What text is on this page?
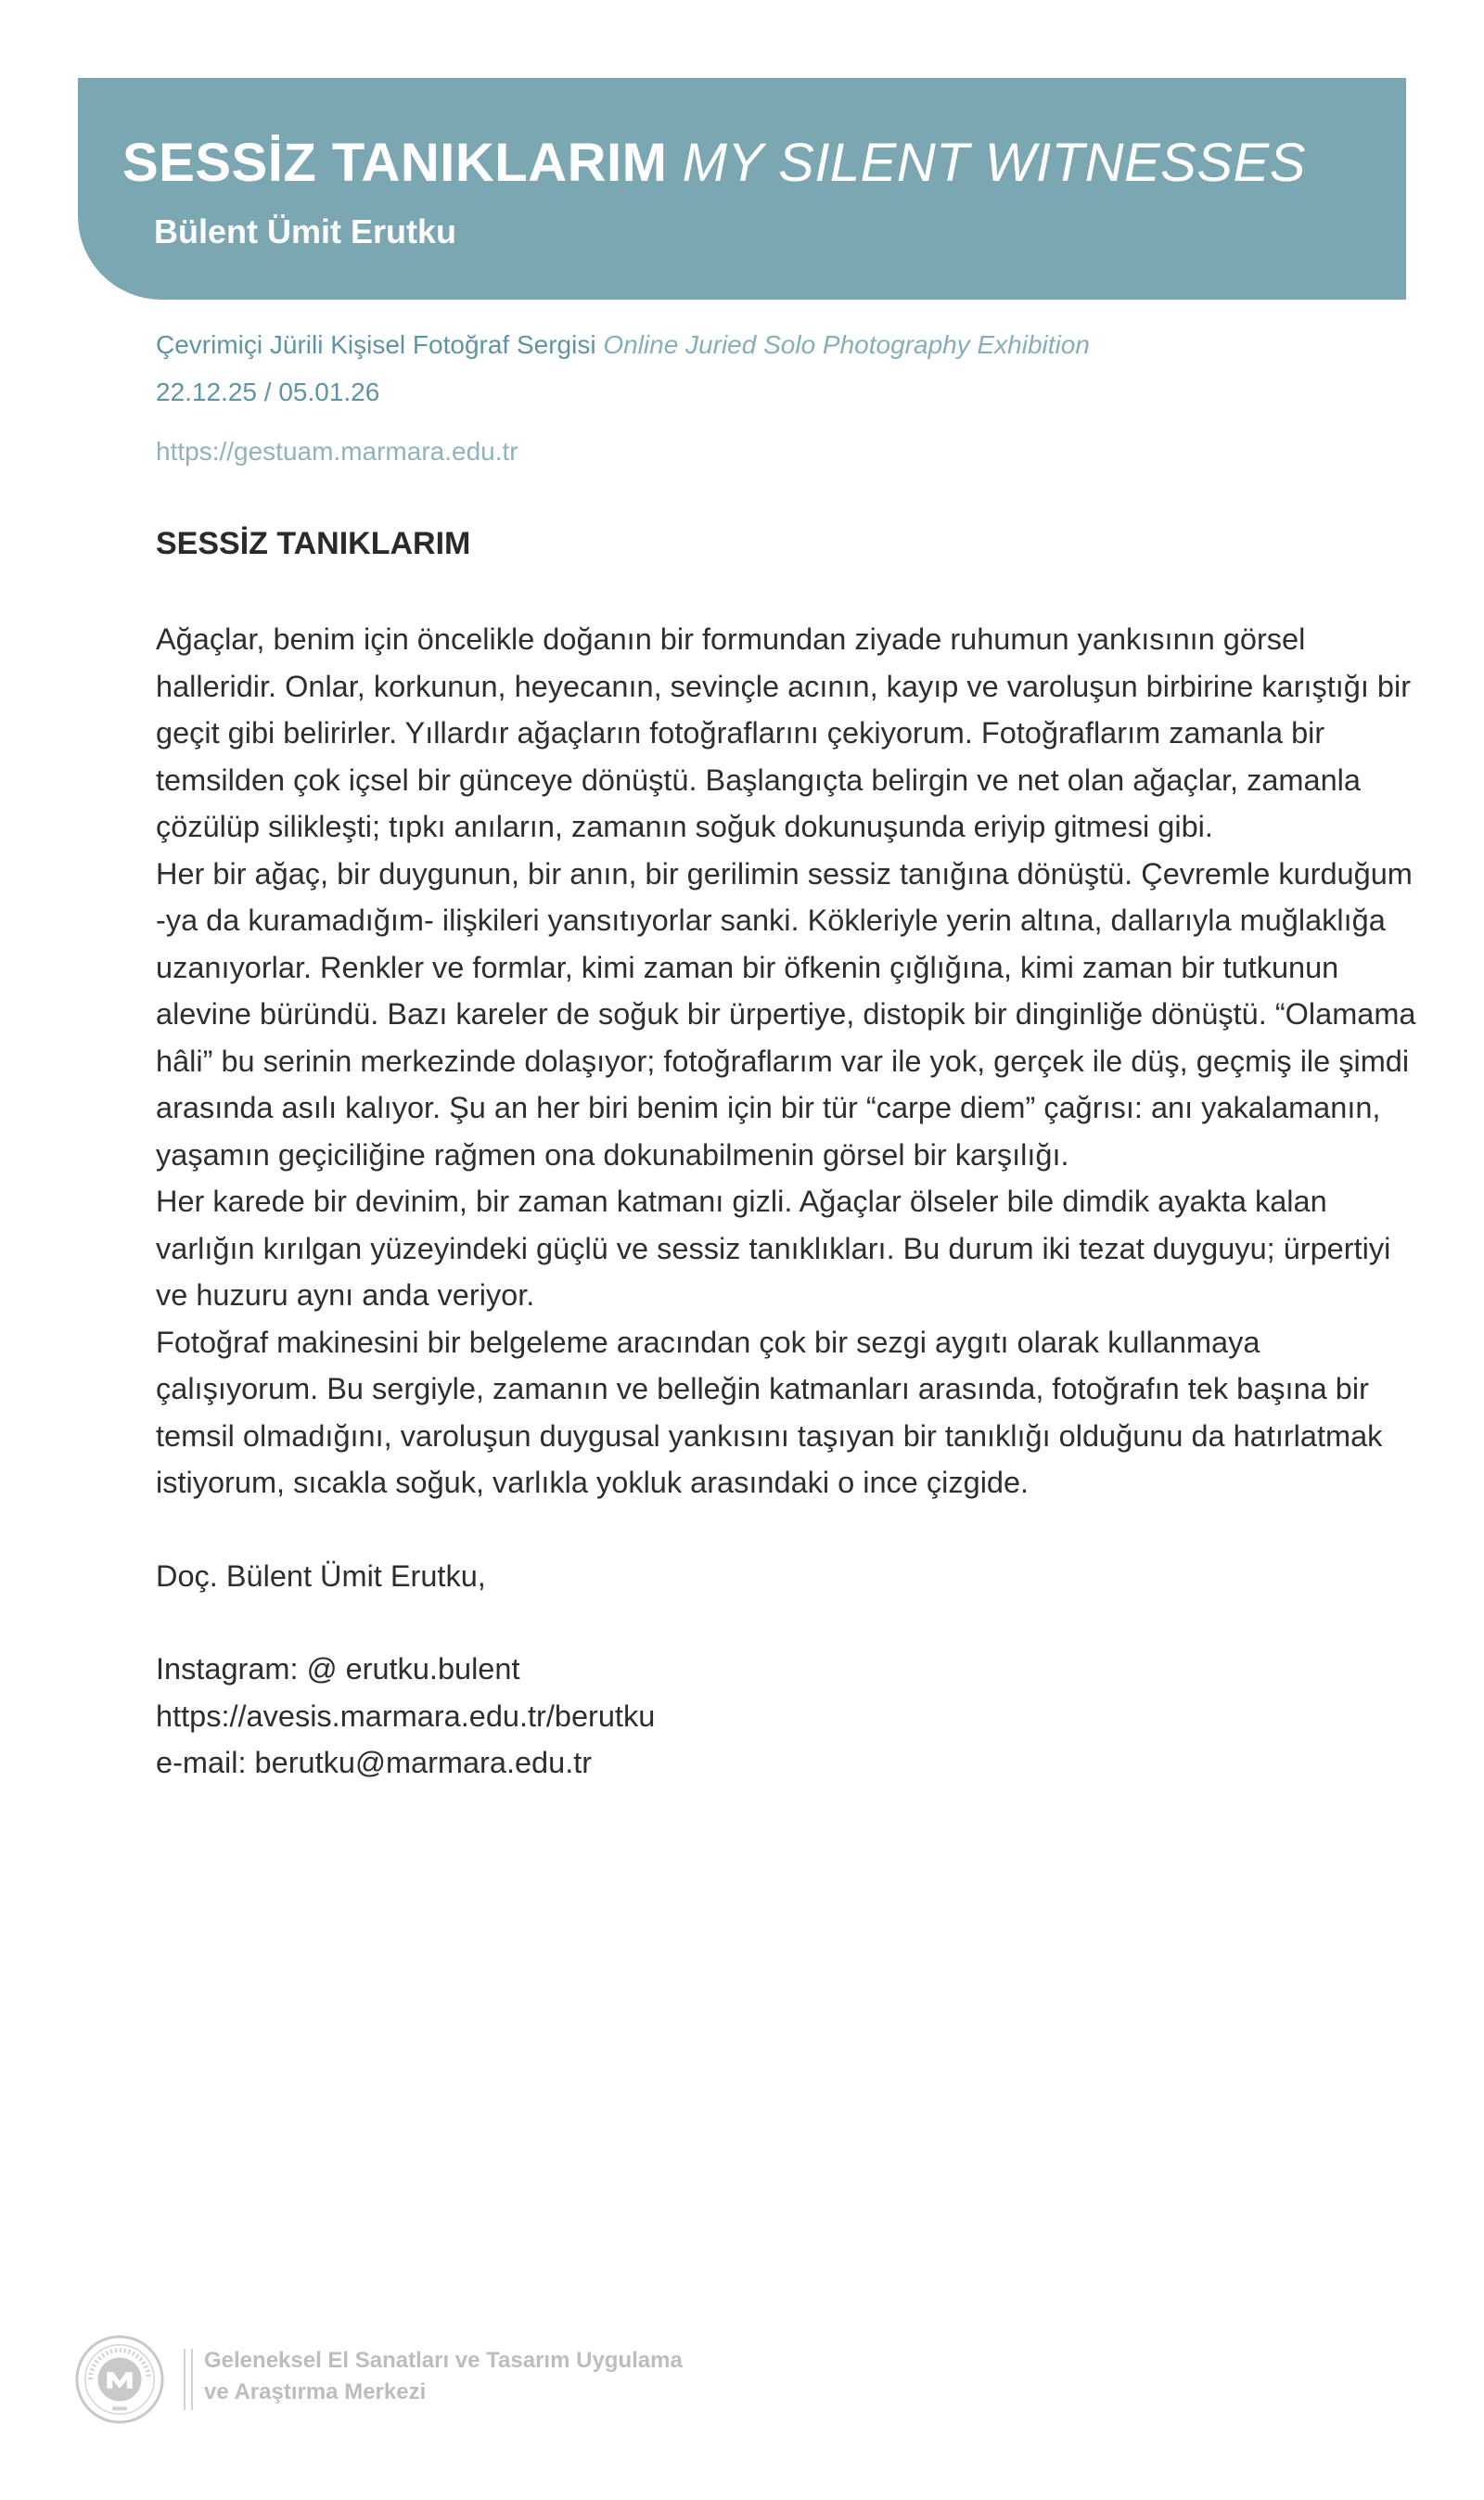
SESSİZ TANIKLARIM MY SILENT WITNESSES
Bülent Ümit Erutku
Çevrimiçi Jürili Kişisel Fotoğraf Sergisi Online Juried Solo Photography Exhibition
22.12.25 / 05.01.26
https://gestuam.marmara.edu.tr
SESSİZ TANIKLARIM

Ağaçlar, benim için öncelikle doğanın bir formundan ziyade ruhumun yankısının görsel halleridir. Onlar, korkunun, heyecanın, sevinçle acının, kayıp ve varoluşun birbirine karıştığı bir geçit gibi belirirler. Yıllardır ağaçların fotoğraflarını çekiyorum. Fotoğraflarım zamanla bir temsilden çok içsel bir günceye dönüştü. Başlangıçta belirgin ve net olan ağaçlar, zamanla çözülüp silikleşti; tıpkı anıların, zamanın soğuk dokunuşunda eriyip gitmesi gibi.

Her bir ağaç, bir duygunun, bir anın, bir gerilimin sessiz tanığına dönüştü. Çevremle kurduğum -ya da kuramadığım- ilişkileri yansıtıyorlar sanki. Kökleriyle yerin altına, dallarıyla muğlaklığa uzanıyorlar. Renkler ve formlar, kimi zaman bir öfkenin çığlığına, kimi zaman bir tutkunun alevine büründü. Bazı kareler de soğuk bir ürpertiye, distopik bir dinginliğe dönüştü. “Olamama hâli” bu serinin merkezinde dolaşıyor; fotoğraflarım var ile yok, gerçek ile düş, geçmiş ile şimdi arasında asılı kalıyor. Şu an her biri benim için bir tür “carpe diem” çağrısı: anı yakalamanın, yaşamın geçiciliğine rağmen ona dokunabilmenin görsel bir karşılığı.

Her karede bir devinim, bir zaman katmanı gizli. Ağaçlar ölseler bile dimdik ayakta kalan varlığın kırılgan yüzeyindeki güçlü ve sessiz tanıklıkları. Bu durum iki tezat duyguyu; ürpertiyi ve huzuru aynı anda veriyor.

Fotoğraf makinesini bir belgeleme aracından çok bir sezgi aygıtı olarak kullanmaya çalışıyorum. Bu sergiyle, zamanın ve belleğin katmanları arasında, fotoğrafın tek başına bir temsil olmadığını, varoluşun duygusal yankısını taşıyan bir tanıklığı olduğunu da hatırlatmak istiyorum, sıcakla soğuk, varlıkla yokluk arasındaki o ince çizgide.

Doç. Bülent Ümit Erutku,

Instagram: @ erutku.bulent
https://avesis.marmara.edu.tr/berutku
e-mail: berutku@marmara.edu.tr
Geleneksel El Sanatları ve Tasarım Uygulama
ve Araştırma Merkezi
